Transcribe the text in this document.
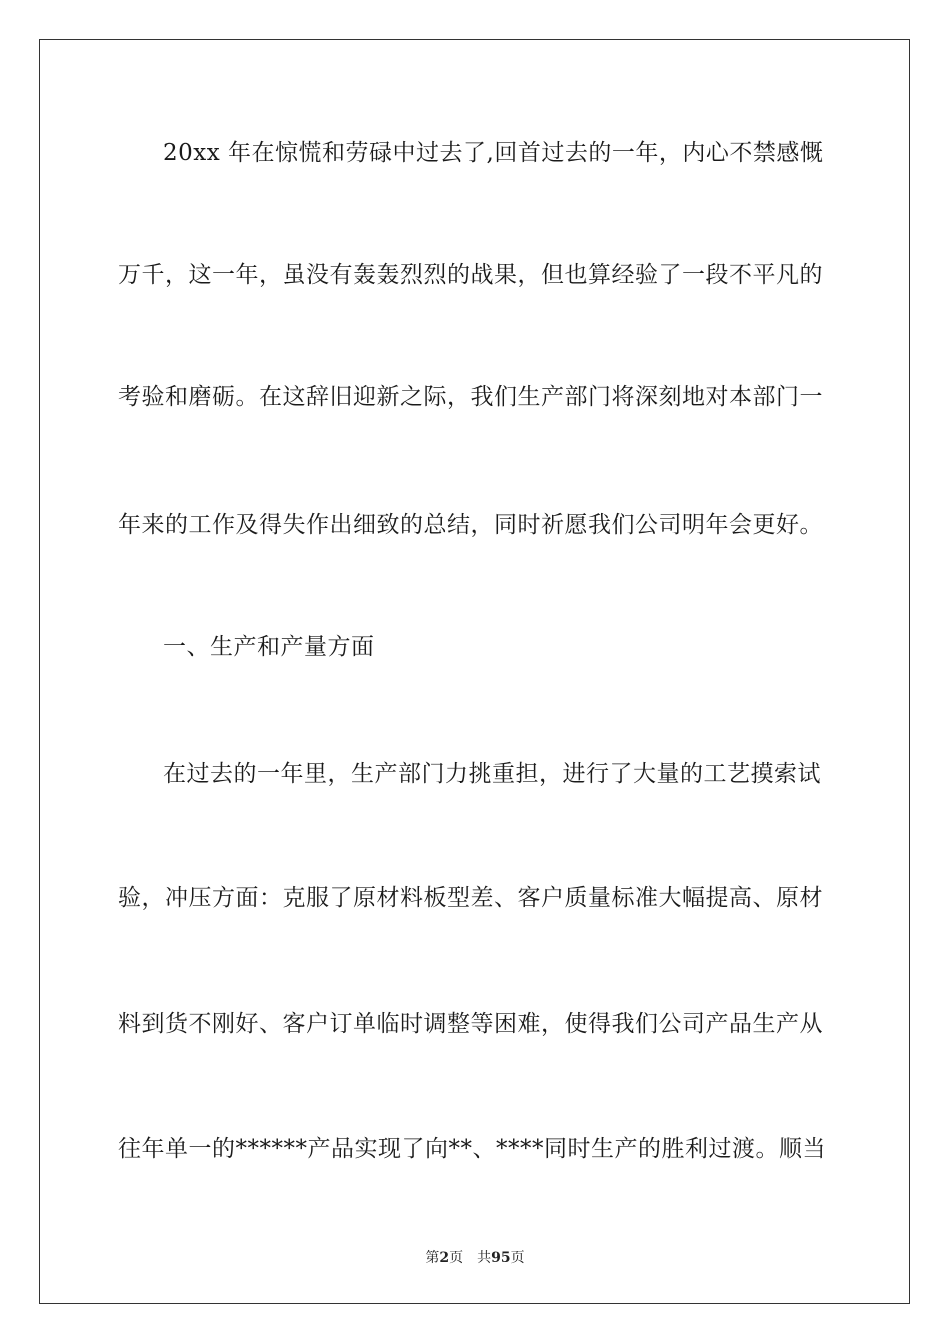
20xx 年在惊慌和劳碌中过去了,回首过去的一年，内心不禁感慨
万千，这一年，虽没有轰轰烈烈的战果，但也算经验了一段不平凡的
考验和磨砺。在这辞旧迎新之际，我们生产部门将深刻地对本部门一
年来的工作及得失作出细致的总结，同时祈愿我们公司明年会更好。
一、生产和产量方面
在过去的一年里，生产部门力挑重担，进行了大量的工艺摸索试
验，冲压方面：克服了原材料板型差、客户质量标准大幅提高、原材
料到货不刚好、客户订单临时调整等困难，使得我们公司产品生产从
往年单一的******产品实现了向**、****同时生产的胜利过渡。顺当
第2页 共95页
